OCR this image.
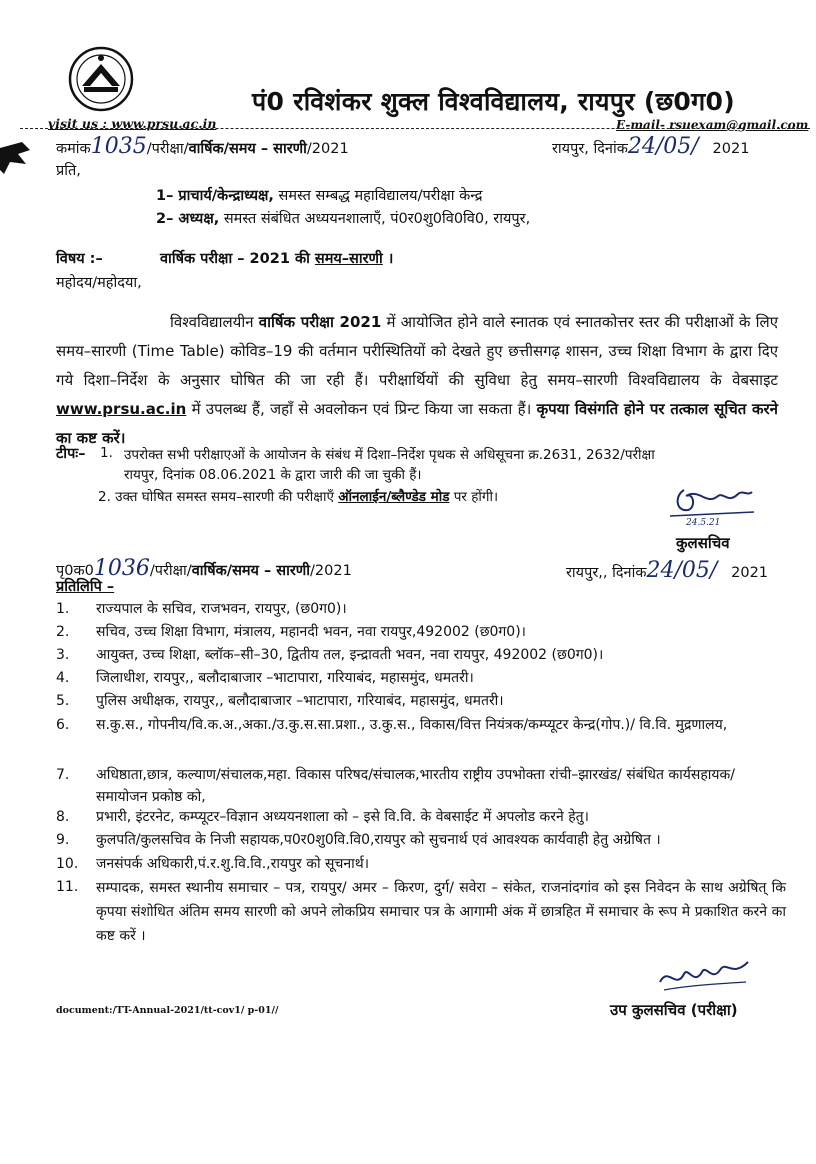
पं0 रविशंकर शुक्ल विश्वविद्यालय, रायपुर (छ0ग0)
visit us : www.prsu.ac.in	E-mail- rsuexam@gmail.com
कमांक1035/परीक्षा/वार्षिक/समय – सारणी/2021	रायपुर, दिनांक24/05/ 2021
प्रति,
1– प्राचार्य/केन्द्राध्यक्ष, समस्त सम्बद्ध महाविद्यालय/परीक्षा केन्द्र
2– अध्यक्ष, समस्त संबंधित अध्ययनशालाएँ, पं0र0शु0वि0वि0, रायपुर,
विषय :–	वार्षिक परीक्षा – 2021 की समय–सारणी ।
महोदय/महोदया,
विश्वविद्यालयीन वार्षिक परीक्षा 2021 में आयोजित होने वाले स्नातक एवं स्नातकोत्तर स्तर की परीक्षाओं के लिए समय–सारणी (Time Table) कोविड–19 की वर्तमान परीस्थितियों को देखते हुए छत्तीसगढ़ शासन, उच्च शिक्षा विभाग के द्वारा दिए गये दिशा–निर्देश के अनुसार घोषित की जा रही हैं। परीक्षार्थियों की सुविधा हेतु समय–सारणी विश्वविद्यालय के वेबसाइट www.prsu.ac.in में उपलब्ध हैं, जहाँ से अवलोकन एवं प्रिन्ट किया जा सकता हैं। कृपया विसंगति होने पर तत्काल सूचित करने का कष्ट करें।
टीपः– 1. उपरोक्त सभी परीक्षाएओं के आयोजन के संबंध में दिशा–निर्देश पृथक से अधिसूचना क्र.2631, 2632/परीक्षा
रायपुर, दिनांक 08.06.2021 के द्वारा जारी की जा चुकी हैं।
2. उक्त घोषित समस्त समय–सारणी की परीक्षाएँ ऑनलाईन/ब्लैण्डेड मोड पर होंगी।
24.5.21
कुलसचिव
पृ0क01036/परीक्षा/वार्षिक/समय – सारणी/2021	रायपुर,, दिनांक24/05/ 2021
प्रतिलिपि –
1.	राज्यपाल के सचिव, राजभवन, रायपुर, (छ0ग0)।
2.	सचिव, उच्च शिक्षा विभाग, मंत्रालय, महानदी भवन, नवा रायपुर,492002 (छ0ग0)।
3.	आयुक्त, उच्च शिक्षा, ब्लॉक–सी–30, द्वितीय तल, इन्द्रावती भवन, नवा रायपुर, 492002 (छ0ग0)।
4.	जिलाधीश, रायपुर,, बलौदाबाजार –भाटापारा, गरियाबंद, महासमुंद, धमतरी।
5.	पुलिस अधीक्षक, रायपुर,, बलौदाबाजार –भाटापारा, गरियाबंद, महासमुंद, धमतरी।
6.	स.कु.स., गोपनीय/वि.क.अ.,अका./उ.कु.स.सा.प्रशा., उ.कु.स., विकास/वित्त नियंत्रक/कम्प्यूटर केन्द्र(गोप.)/ वि.वि. मुद्रणालय,
7.	अधिष्ठाता,छात्र, कल्याण/संचालक,महा. विकास परिषद/संचालक,भारतीय राष्ट्रीय उपभोक्ता रांची–झारखंड/ संबंधित कार्यसहायक/समायोजन प्रकोष्ठ को,
8.	प्रभारी, इंटरनेट, कम्प्यूटर–विज्ञान अध्ययनशाला को – इसे वि.वि. के वेबसाईट में अपलोड करने हेतु।
9.	कुलपति/कुलसचिव के निजी सहायक,प0र0शु0वि.वि0,रायपुर को सुचनार्थ एवं आवश्यक कार्यवाही हेतु अग्रेषित ।
10.	जनसंपर्क अधिकारी,पं.र.शु.वि.वि.,रायपुर को सूचनार्थ।
11.	सम्पादक, समस्त स्थानीय समाचार – पत्र, रायपुर/ अमर – किरण, दुर्ग/ सवेरा – संकेत, राजनांदगांव को इस निवेदन के साथ अग्रेषित् कि कृपया संशोधित अंतिम समय सारणी को अपने लोकप्रिय समाचार पत्र के आगामी अंक में छात्रहित में समाचार के रूप मे प्रकाशित करने का कष्ट करें ।
उप कुलसचिव (परीक्षा)
document:/TT-Annual-2021/tt-cov1/ p-01//
